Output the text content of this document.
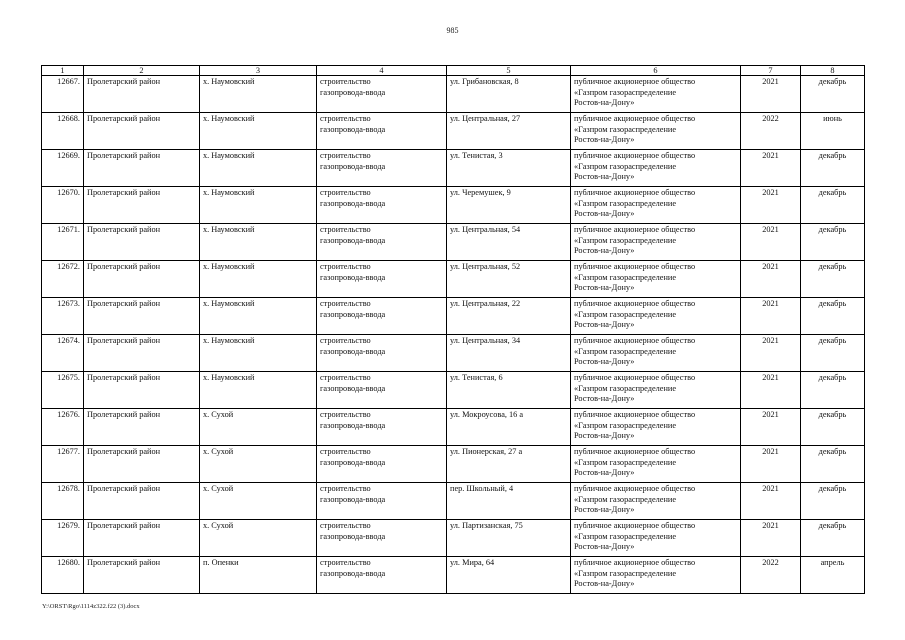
985
1	2	3	4	5	6	7	8
12667.	Пролетарский район	х. Наумовский	строительство
газопровода-ввода	ул. Грибановская, 8	публичное акционерное общество
«Газпром газораспределение
Ростов-на-Дону»	2021	декабрь
12668.	Пролетарский район	х. Наумовский	строительство
газопровода-ввода	ул. Центральная, 27	публичное акционерное общество
«Газпром газораспределение
Ростов-на-Дону»	2022	июнь
12669.	Пролетарский район	х. Наумовский	строительство
газопровода-ввода	ул. Тенистая, 3	публичное акционерное общество
«Газпром газораспределение
Ростов-на-Дону»	2021	декабрь
12670.	Пролетарский район	х. Наумовский	строительство
газопровода-ввода	ул. Черемушек, 9	публичное акционерное общество
«Газпром газораспределение
Ростов-на-Дону»	2021	декабрь
12671.	Пролетарский район	х. Наумовский	строительство
газопровода-ввода	ул. Центральная, 54	публичное акционерное общество
«Газпром газораспределение
Ростов-на-Дону»	2021	декабрь
12672.	Пролетарский район	х. Наумовский	строительство
газопровода-ввода	ул. Центральная, 52	публичное акционерное общество
«Газпром газораспределение
Ростов-на-Дону»	2021	декабрь
12673.	Пролетарский район	х. Наумовский	строительство
газопровода-ввода	ул. Центральная, 22	публичное акционерное общество
«Газпром газораспределение
Ростов-на-Дону»	2021	декабрь
12674.	Пролетарский район	х. Наумовский	строительство
газопровода-ввода	ул. Центральная, 34	публичное акционерное общество
«Газпром газораспределение
Ростов-на-Дону»	2021	декабрь
12675.	Пролетарский район	х. Наумовский	строительство
газопровода-ввода	ул. Тенистая, 6	публичное акционерное общество
«Газпром газораспределение
Ростов-на-Дону»	2021	декабрь
12676.	Пролетарский район	х. Сухой	строительство
газопровода-ввода	ул. Мокроусова, 16 а	публичное акционерное общество
«Газпром газораспределение
Ростов-на-Дону»	2021	декабрь
12677.	Пролетарский район	х. Сухой	строительство
газопровода-ввода	ул. Пионерская, 27 а	публичное акционерное общество
«Газпром газораспределение
Ростов-на-Дону»	2021	декабрь
12678.	Пролетарский район	х. Сухой	строительство
газопровода-ввода	пер. Школьный, 4	публичное акционерное общество
«Газпром газораспределение
Ростов-на-Дону»	2021	декабрь
12679.	Пролетарский район	х. Сухой	строительство
газопровода-ввода	ул. Партизанская, 75	публичное акционерное общество
«Газпром газораспределение
Ростов-на-Дону»	2021	декабрь
12680.	Пролетарский район	п. Опенки	строительство
газопровода-ввода	ул. Мира, 64	публичное акционерное общество
«Газпром газораспределение
Ростов-на-Дону»	2022	апрель
Y:\ORST\Rgo\1114z322.f22 (3).docx
